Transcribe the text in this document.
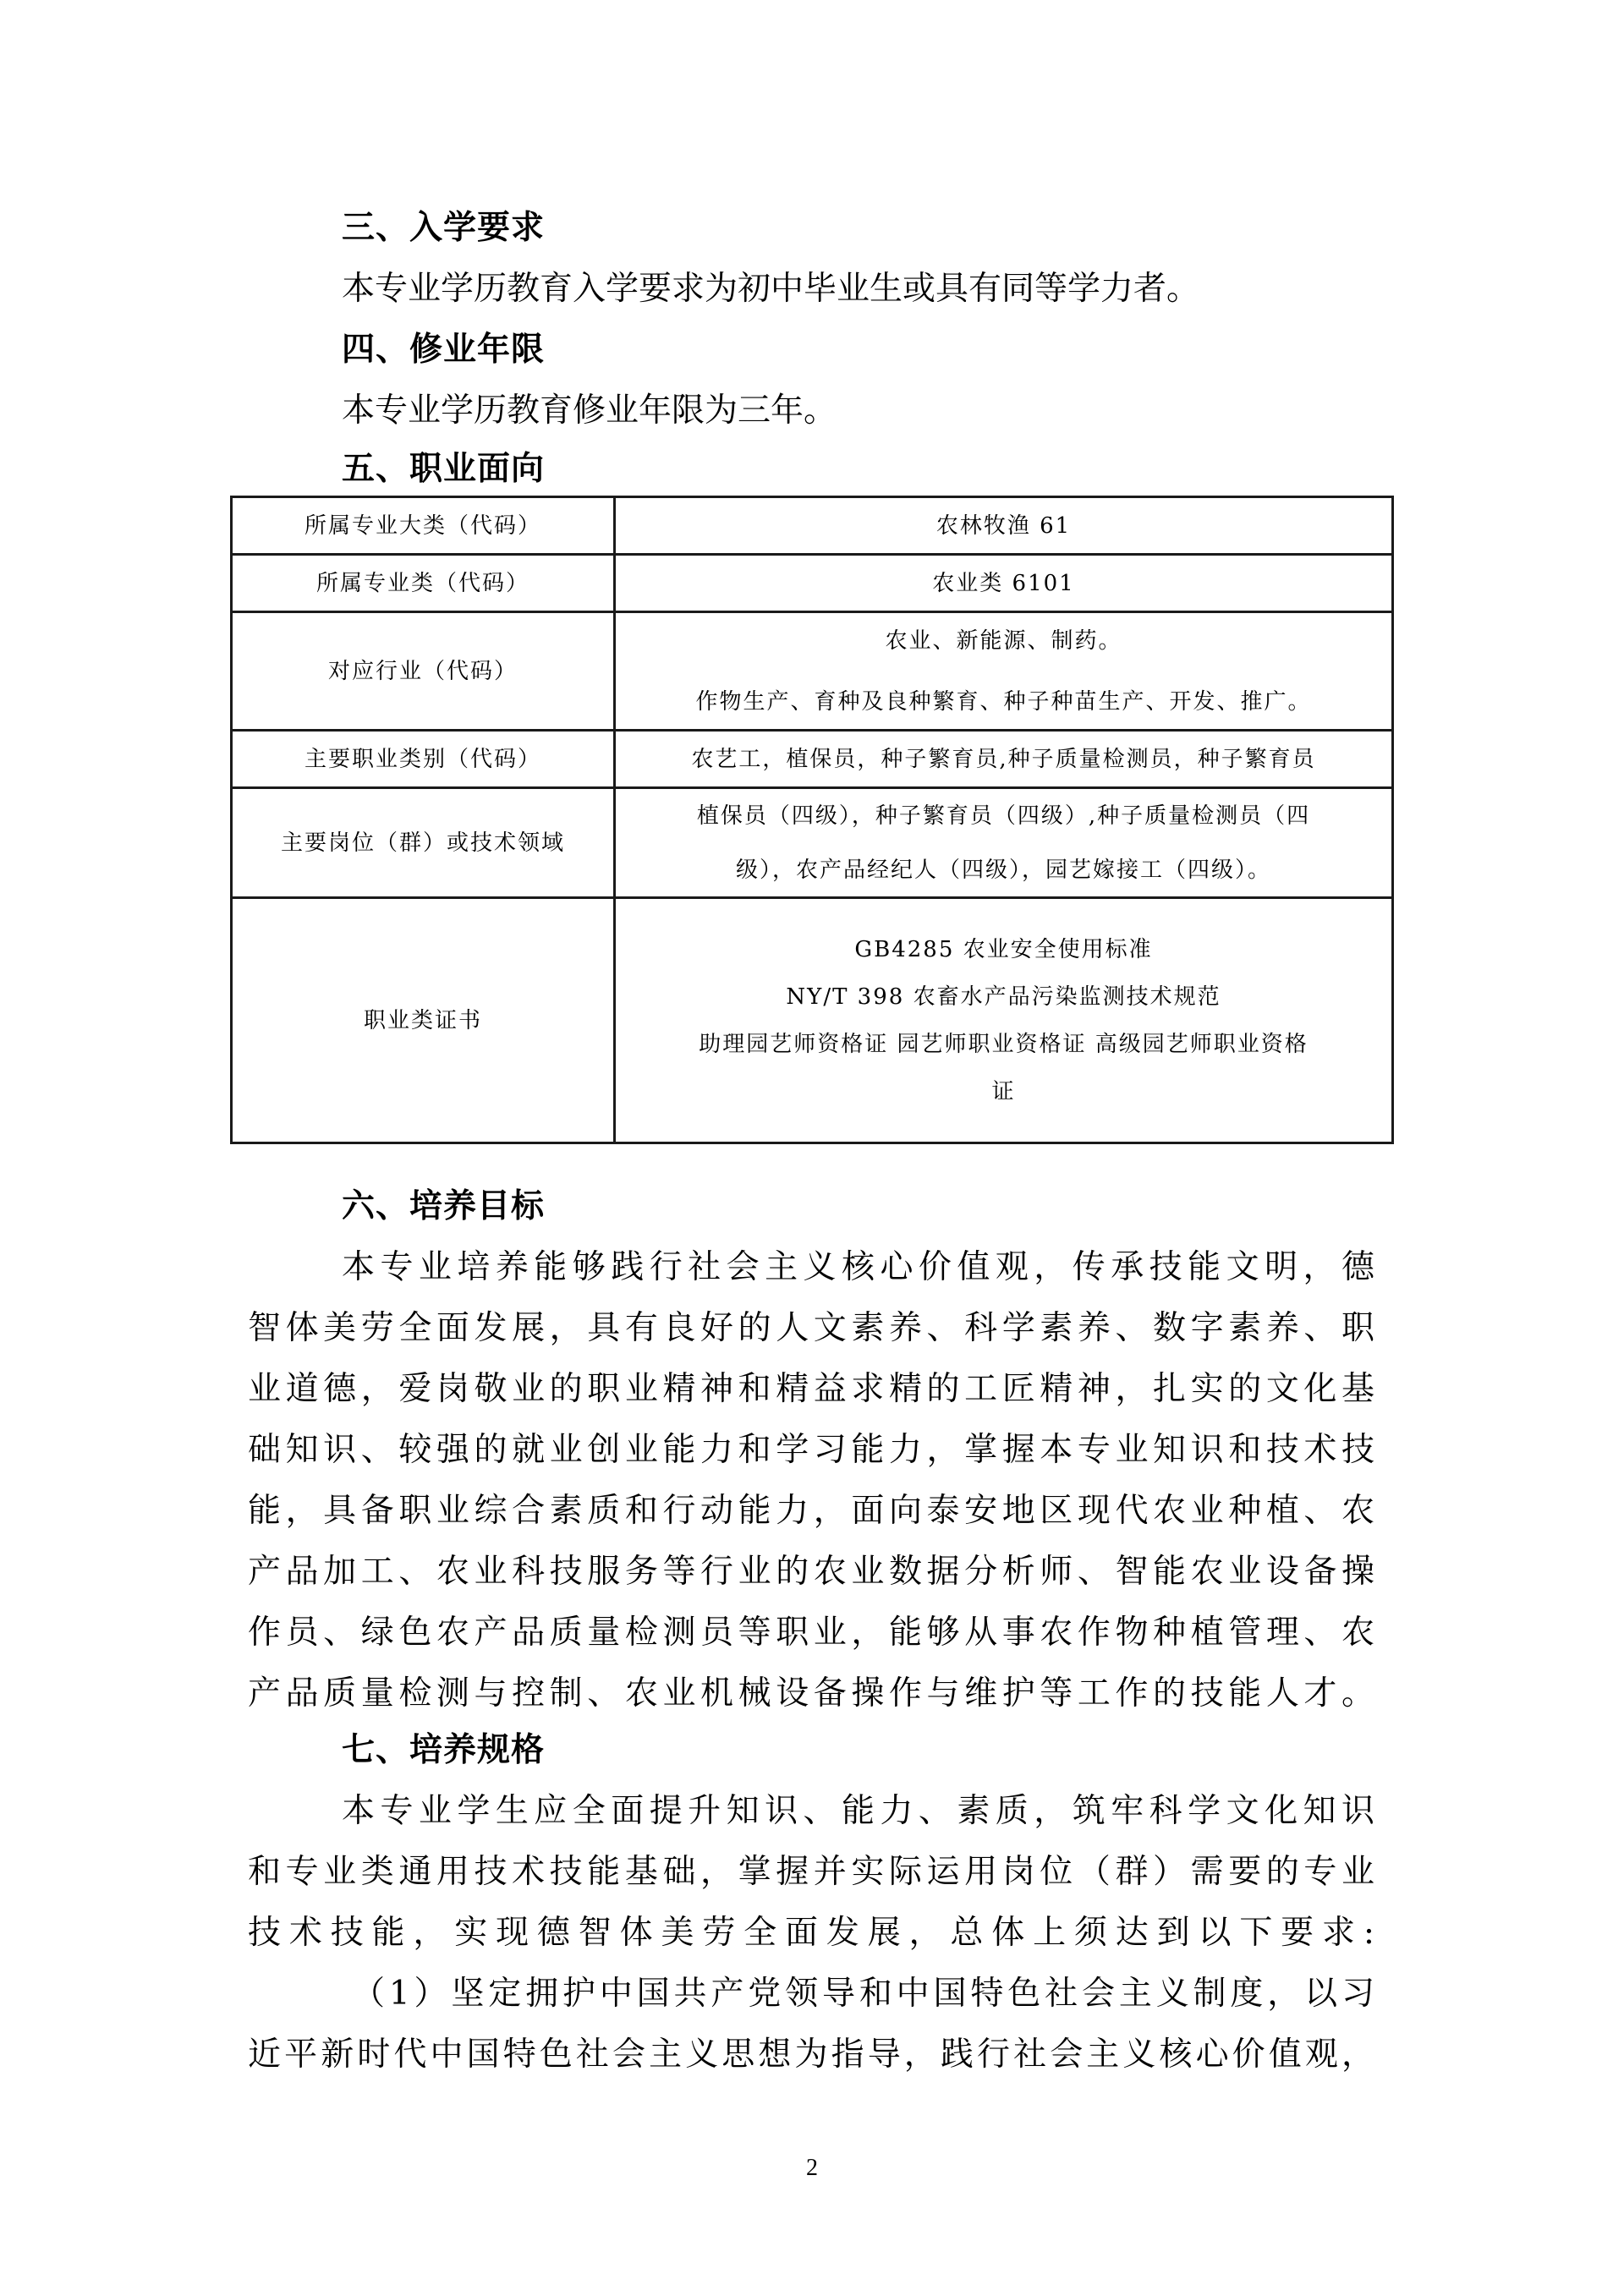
三、入学要求
本专业学历教育入学要求为初中毕业生或具有同等学力者。
四、修业年限
本专业学历教育修业年限为三年。
五、职业面向
所属专业大类（代码）	农林牧渔 61

所属专业类（代码）	农业类 6101

对应行业（代码）	农业、新能源、制药。
作物生产、育种及良种繁育、种子种苗生产、开发、推广。

主要职业类别（代码）	农艺工，植保员，种子繁育员,种子质量检测员，种子繁育员

主要岗位（群）或技术领域	植保员（四级），种子繁育员（四级）,种子质量检测员（四
级），农产品经纪人（四级），园艺嫁接工（四级）。

职业类证书	GB4285 农业安全使用标准
NY/T 398 农畜水产品污染监测技术规范
助理园艺师资格证 园艺师职业资格证 高级园艺师职业资格
证
六、培养目标
本专业培养能够践行社会主义核心价值观，传承技能文明，德
智体美劳全面发展，具有良好的人文素养、科学素养、数字素养、职
业道德，爱岗敬业的职业精神和精益求精的工匠精神，扎实的文化基
础知识、较强的就业创业能力和学习能力，掌握本专业知识和技术技
能，具备职业综合素质和行动能力，面向泰安地区现代农业种植、农
产品加工、农业科技服务等行业的农业数据分析师、智能农业设备操
作员、绿色农产品质量检测员等职业，能够从事农作物种植管理、农
产品质量检测与控制、农业机械设备操作与维护等工作的技能人才。
七、培养规格
本专业学生应全面提升知识、能力、素质，筑牢科学文化知识
和专业类通用技术技能基础，掌握并实际运用岗位（群）需要的专业
技术技能，实现德智体美劳全面发展，总体上须达到以下要求:
（1）坚定拥护中国共产党领导和中国特色社会主义制度，以习
近平新时代中国特色社会主义思想为指导，践行社会主义核心价值观，
2
